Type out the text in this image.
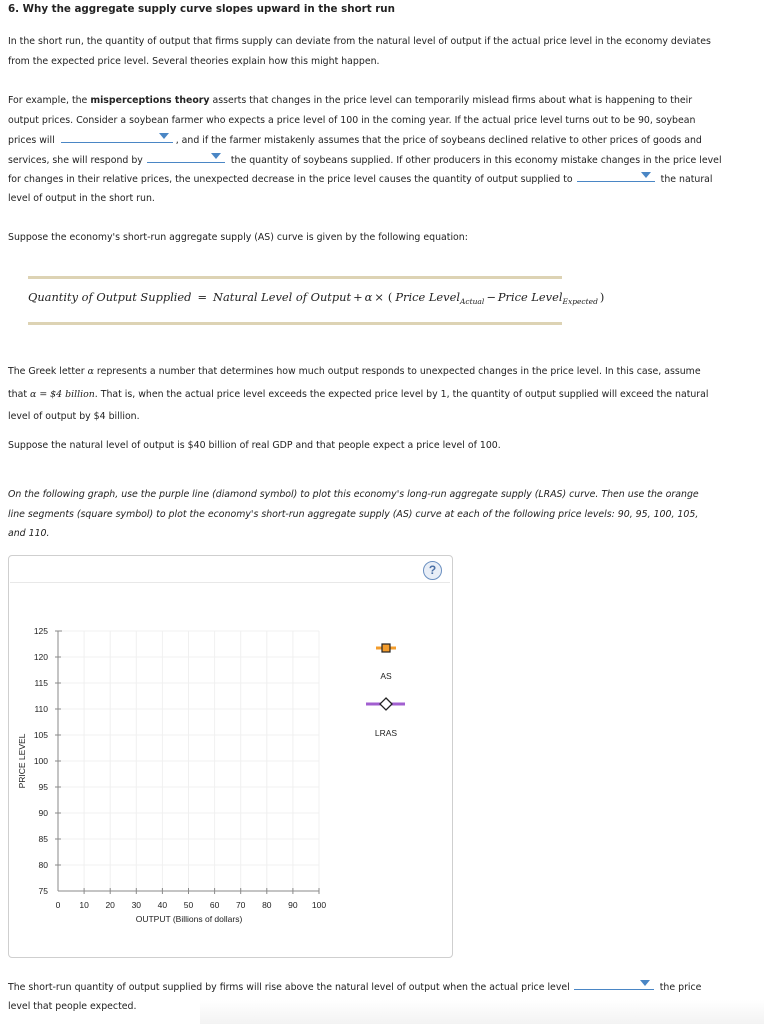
6. Why the aggregate supply curve slopes upward in the short run
In the short run, the quantity of output that firms supply can deviate from the natural level of output if the actual price level in the economy deviates
from the expected price level. Several theories explain how this might happen.
For example, the misperceptions theory asserts that changes in the price level can temporarily mislead firms about what is happening to their
output prices. Consider a soybean farmer who expects a price level of 100 in the coming year. If the actual price level turns out to be 90, soybean
prices will	, and if the farmer mistakenly assumes that the price of soybeans declined relative to other prices of goods and
services, she will respond by	the quantity of soybeans supplied. If other producers in this economy mistake changes in the price level
for changes in their relative prices, the unexpected decrease in the price level causes the quantity of output supplied to	the natural
level of output in the short run.
Suppose the economy's short-run aggregate supply (AS) curve is given by the following equation:
Quantity of Output Supplied = Natural Level of Output + α × ( Price Level$_{Actual}$ − Price Level$_{Expected}$ )
The Greek letter α represents a number that determines how much output responds to unexpected changes in the price level. In this case, assume
that α = $4 billion. That is, when the actual price level exceeds the expected price level by 1, the quantity of output supplied will exceed the natural
level of output by $4 billion.
Suppose the natural level of output is $40 billion of real GDP and that people expect a price level of 100.
On the following graph, use the purple line (diamond symbol) to plot this economy's long-run aggregate supply (LRAS) curve. Then use the orange
line segments (square symbol) to plot the economy's short-run aggregate supply (AS) curve at each of the following price levels: 90, 95, 100, 105,
and 110.
?
125
120
115
110
105
100
95
90
85
80
75
0 10 20 30 40 50 60 70 80 90 100
OUTPUT (Billions of dollars)
PRICE LEVEL
AS
LRAS
The short-run quantity of output supplied by firms will rise above the natural level of output when the actual price level	the price
level that people expected.
